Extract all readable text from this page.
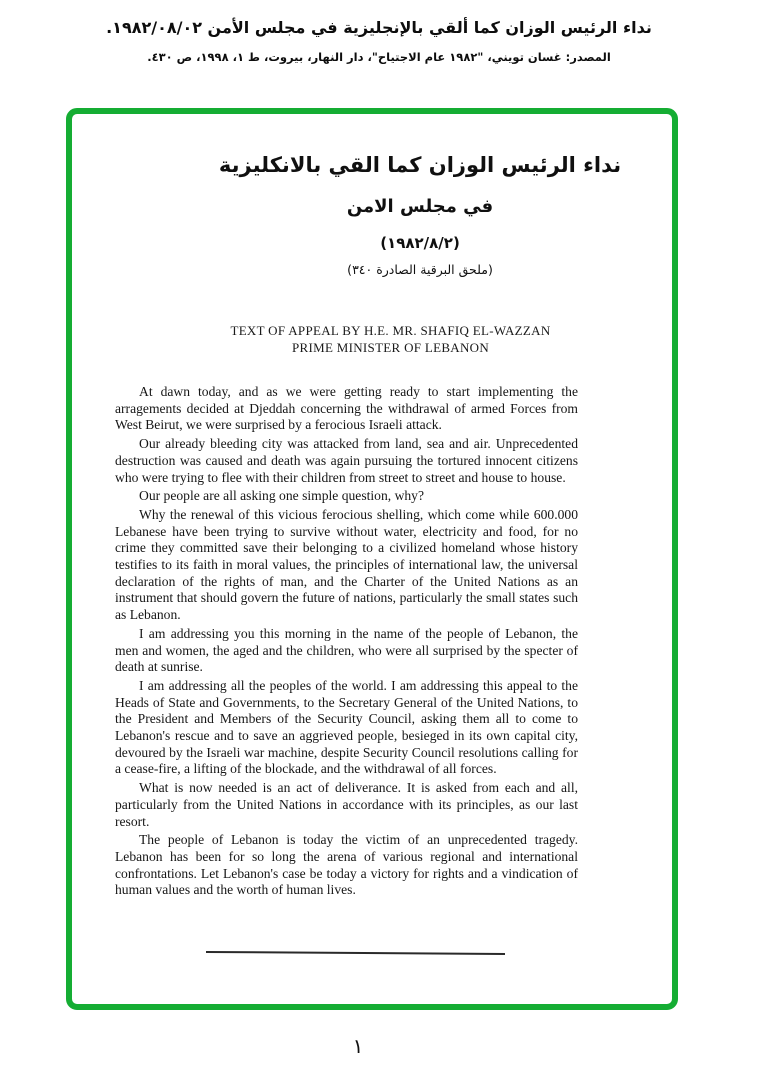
نداء الرئيس الوزان كما ألقي بالإنجليزية في مجلس الأمن ١٩٨٢/٠٨/٠٢.
المصدر: غسان تويني، "١٩٨٢ عام الاجتياح"، دار النهار، بيروت، ط ١، ١٩٩٨، ص ٤٣٠.
نداء الرئيس الوزان كما القي بالانكليزية
في مجلس الامن
(١٩٨٢/٨/٢)
(ملحق البرقية الصادرة ٣٤٠)
TEXT OF APPEAL BY H.E. MR. SHAFIQ EL-WAZZAN
PRIME MINISTER OF LEBANON

At dawn today, and as we were getting ready to start implementing the arragements decided at Djeddah concerning the withdrawal of armed Forces from West Beirut, we were surprised by a ferocious Israeli attack.

Our already bleeding city was attacked from land, sea and air. Unprecedented destruction was caused and death was again pursuing the tortured innocent citizens who were trying to flee with their children from street to street and house to house.

Our people are all asking one simple question, why?

Why the renewal of this vicious ferocious shelling, which come while 600.000 Lebanese have been trying to survive without water, electricity and food, for no crime they committed save their belonging to a civilized homeland whose history testifies to its faith in moral values, the principles of international law, the universal declaration of the rights of man, and the Charter of the United Nations as an instrument that should govern the future of nations, particularly the small states such as Lebanon.

I am addressing you this morning in the name of the people of Lebanon, the men and women, the aged and the children, who were all surprised by the specter of death at sunrise.

I am addressing all the peoples of the world. I am addressing this appeal to the Heads of State and Governments, to the Secretary General of the United Nations, to the President and Members of the Security Council, asking them all to come to Lebanon's rescue and to save an aggrieved people, besieged in its own capital city, devoured by the Israeli war machine, despite Security Council resolutions calling for a cease-fire, a lifting of the blockade, and the withdrawal of all forces.

What is now needed is an act of deliverance. It is asked from each and all, particularly from the United Nations in accordance with its principles, as our last resort.

The people of Lebanon is today the victim of an unprecedented tragedy. Lebanon has been for so long the arena of various regional and international confrontations. Let Lebanon's case be today a victory for rights and a vindication of human values and the worth of human lives.

١
